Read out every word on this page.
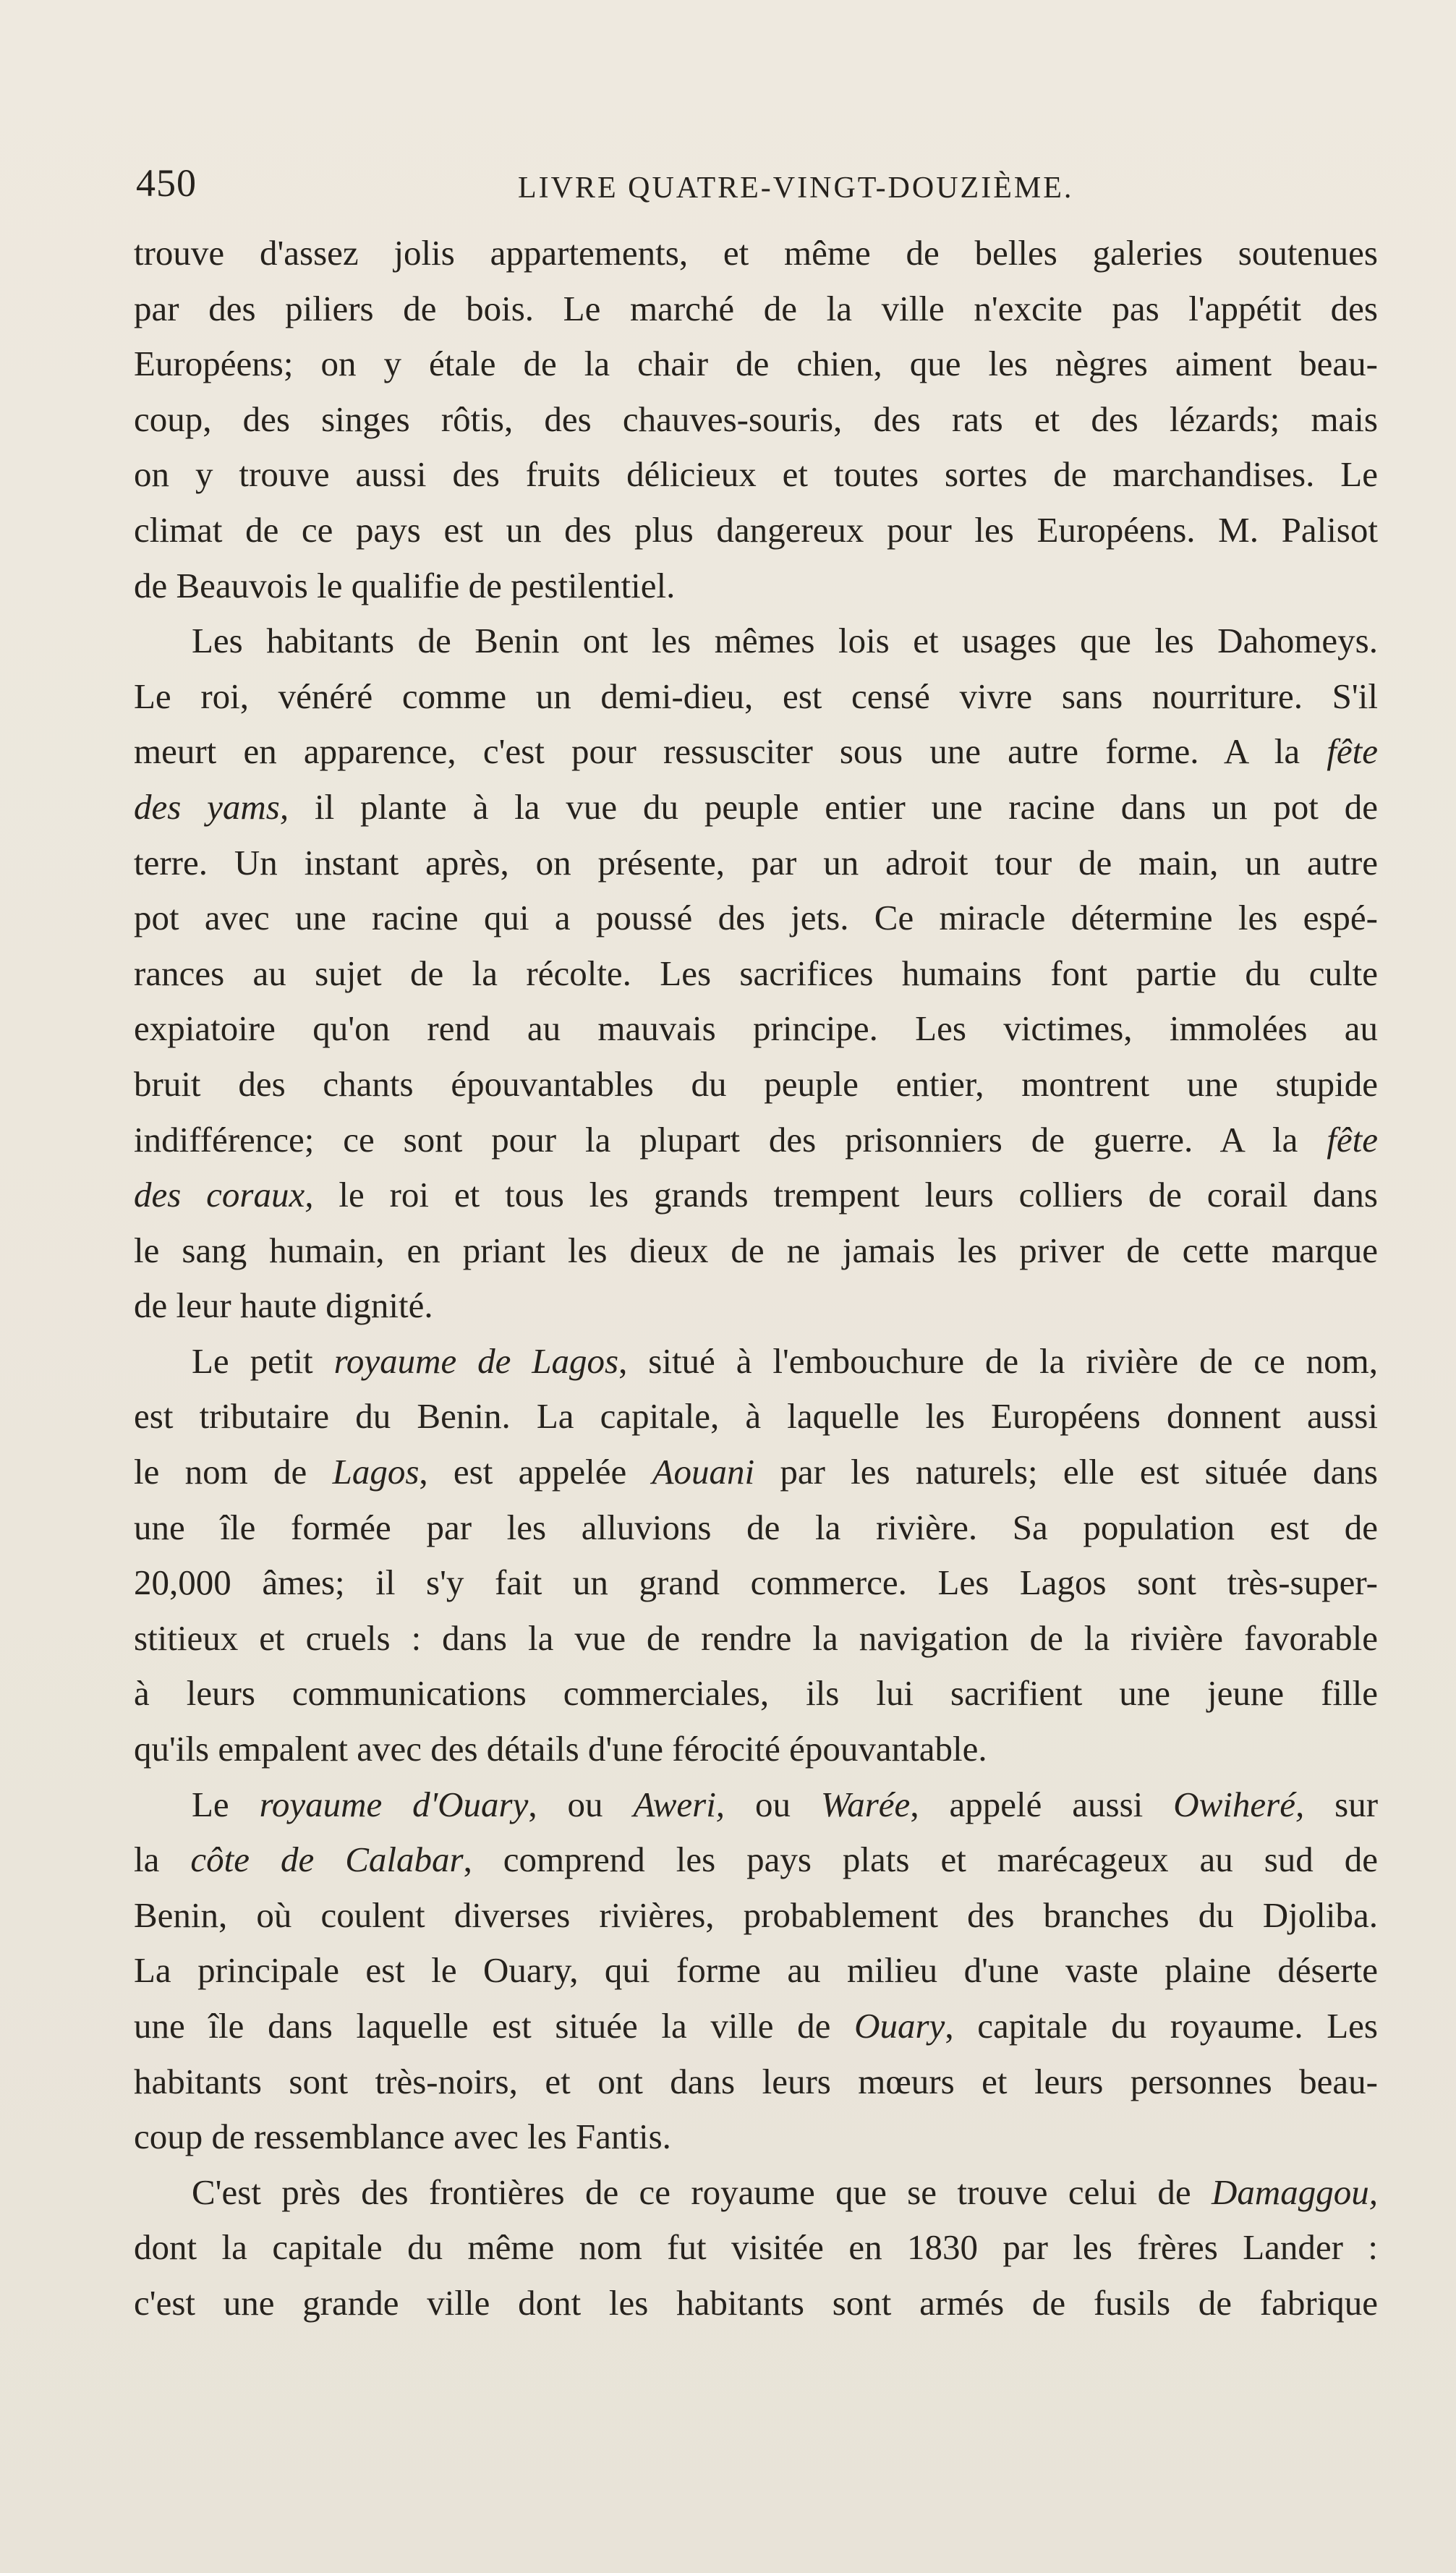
450	LIVRE QUATRE-VINGT-DOUZIÈME.
trouve d'assez jolis appartements, et même de belles galeries soutenues
par des piliers de bois. Le marché de la ville n'excite pas l'appétit des
Européens; on y étale de la chair de chien, que les nègres aiment beau-
coup, des singes rôtis, des chauves-souris, des rats et des lézards; mais
on y trouve aussi des fruits délicieux et toutes sortes de marchandises. Le
climat de ce pays est un des plus dangereux pour les Européens. M. Palisot
de Beauvois le qualifie de pestilentiel.
Les habitants de Benin ont les mêmes lois et usages que les Dahomeys.
Le roi, vénéré comme un demi-dieu, est censé vivre sans nourriture. S'il
meurt en apparence, c'est pour ressusciter sous une autre forme. A la fête
des yams, il plante à la vue du peuple entier une racine dans un pot de
terre. Un instant après, on présente, par un adroit tour de main, un autre
pot avec une racine qui a poussé des jets. Ce miracle détermine les espé-
rances au sujet de la récolte. Les sacrifices humains font partie du culte
expiatoire qu'on rend au mauvais principe. Les victimes, immolées au
bruit des chants épouvantables du peuple entier, montrent une stupide
indifférence; ce sont pour la plupart des prisonniers de guerre. A la fête
des coraux, le roi et tous les grands trempent leurs colliers de corail dans
le sang humain, en priant les dieux de ne jamais les priver de cette marque
de leur haute dignité.
Le petit royaume de Lagos, situé à l'embouchure de la rivière de ce nom,
est tributaire du Benin. La capitale, à laquelle les Européens donnent aussi
le nom de Lagos, est appelée Aouani par les naturels; elle est située dans
une île formée par les alluvions de la rivière. Sa population est de
20,000 âmes; il s'y fait un grand commerce. Les Lagos sont très-super-
stitieux et cruels : dans la vue de rendre la navigation de la rivière favorable
à leurs communications commerciales, ils lui sacrifient une jeune fille
qu'ils empalent avec des détails d'une férocité épouvantable.
Le royaume d'Ouary, ou Aweri, ou Warée, appelé aussi Owiheré, sur
la côte de Calabar, comprend les pays plats et marécageux au sud de
Benin, où coulent diverses rivières, probablement des branches du Djoliba.
La principale est le Ouary, qui forme au milieu d'une vaste plaine déserte
une île dans laquelle est située la ville de Ouary, capitale du royaume. Les
habitants sont très-noirs, et ont dans leurs mœurs et leurs personnes beau-
coup de ressemblance avec les Fantis.
C'est près des frontières de ce royaume que se trouve celui de Damaggou,
dont la capitale du même nom fut visitée en 1830 par les frères Lander :
c'est une grande ville dont les habitants sont armés de fusils de fabrique
